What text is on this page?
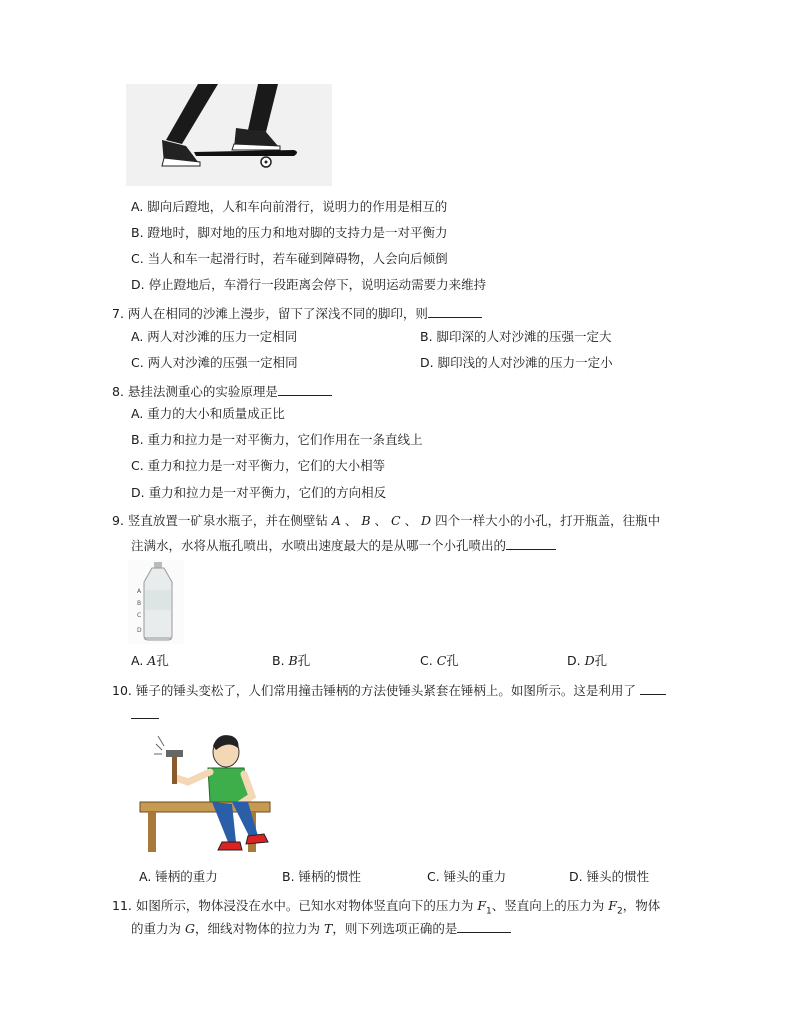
A. 脚向后蹬地，人和车向前滑行，说明力的作用是相互的
B. 蹬地时，脚对地的压力和地对脚的支持力是一对平衡力
C. 当人和车一起滑行时，若车碰到障碍物，人会向后倾倒
D. 停止蹬地后，车滑行一段距离会停下，说明运动需要力来维持
7. 两人在相同的沙滩上漫步，留下了深浅不同的脚印，则
A. 两人对沙滩的压力一定相同	B. 脚印深的人对沙滩的压强一定大
C. 两人对沙滩的压强一定相同	D. 脚印浅的人对沙滩的压力一定小
8. 悬挂法测重心的实验原理是
A. 重力的大小和质量成正比
B. 重力和拉力是一对平衡力，它们作用在一条直线上
C. 重力和拉力是一对平衡力，它们的大小相等
D. 重力和拉力是一对平衡力，它们的方向相反
9. 竖直放置一矿泉水瓶子，并在侧壁钻 A 、 B 、 C 、 D 四个一样大小的小孔，打开瓶盖，往瓶中
注满水，水将从瓶孔喷出，水喷出速度最大的是从哪一个小孔喷出的
A
B
C
D
A. A孔	B. B孔	C. C孔	D. D孔
10. 锤子的锤头变松了，人们常用撞击锤柄的方法使锤头紧套在锤柄上。如图所示。这是利用了
A. 锤柄的重力	B. 锤柄的惯性	C. 锤头的重力	D. 锤头的惯性
11. 如图所示，物体浸没在水中。已知水对物体竖直向下的压力为 $F_1$、竖直向上的压力为 $F_2$，物体
的重力为 G，细线对物体的拉力为 T，则下列选项正确的是
